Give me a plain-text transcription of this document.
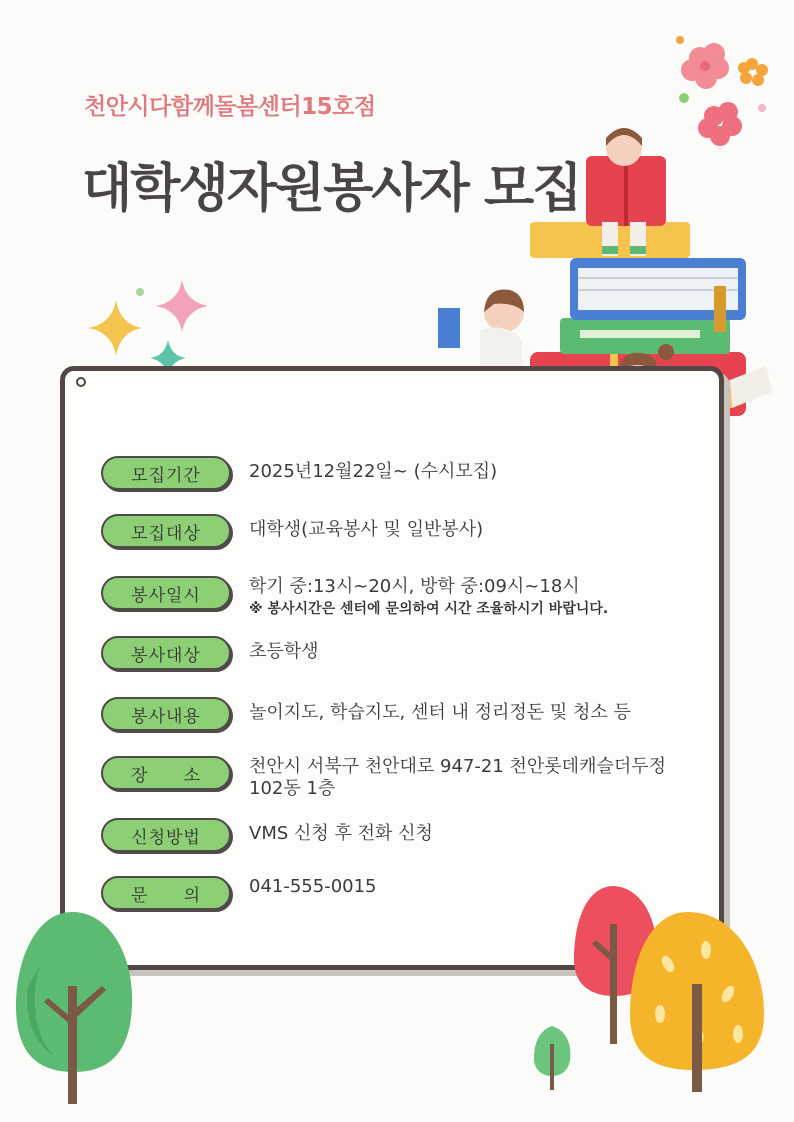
천안시다함께돌봄센터15호점
대학생자원봉사자 모집
모집기간	2025년12월22일~ (수시모집)
모집대상	대학생(교육봉사 및 일반봉사)
봉사일시	학기 중:13시~20시, 방학 중:09시~18시
※ 봉사시간은 센터에 문의하여 시간 조율하시기 바랍니다.
봉사대상	초등학생
봉사내용	놀이지도, 학습지도, 센터 내 정리정돈 및 청소 등
장 소	천안시 서북구 천안대로 947-21 천안롯데캐슬더두정
102동 1층
신청방법	VMS 신청 후 전화 신청
문 의	041-555-0015
